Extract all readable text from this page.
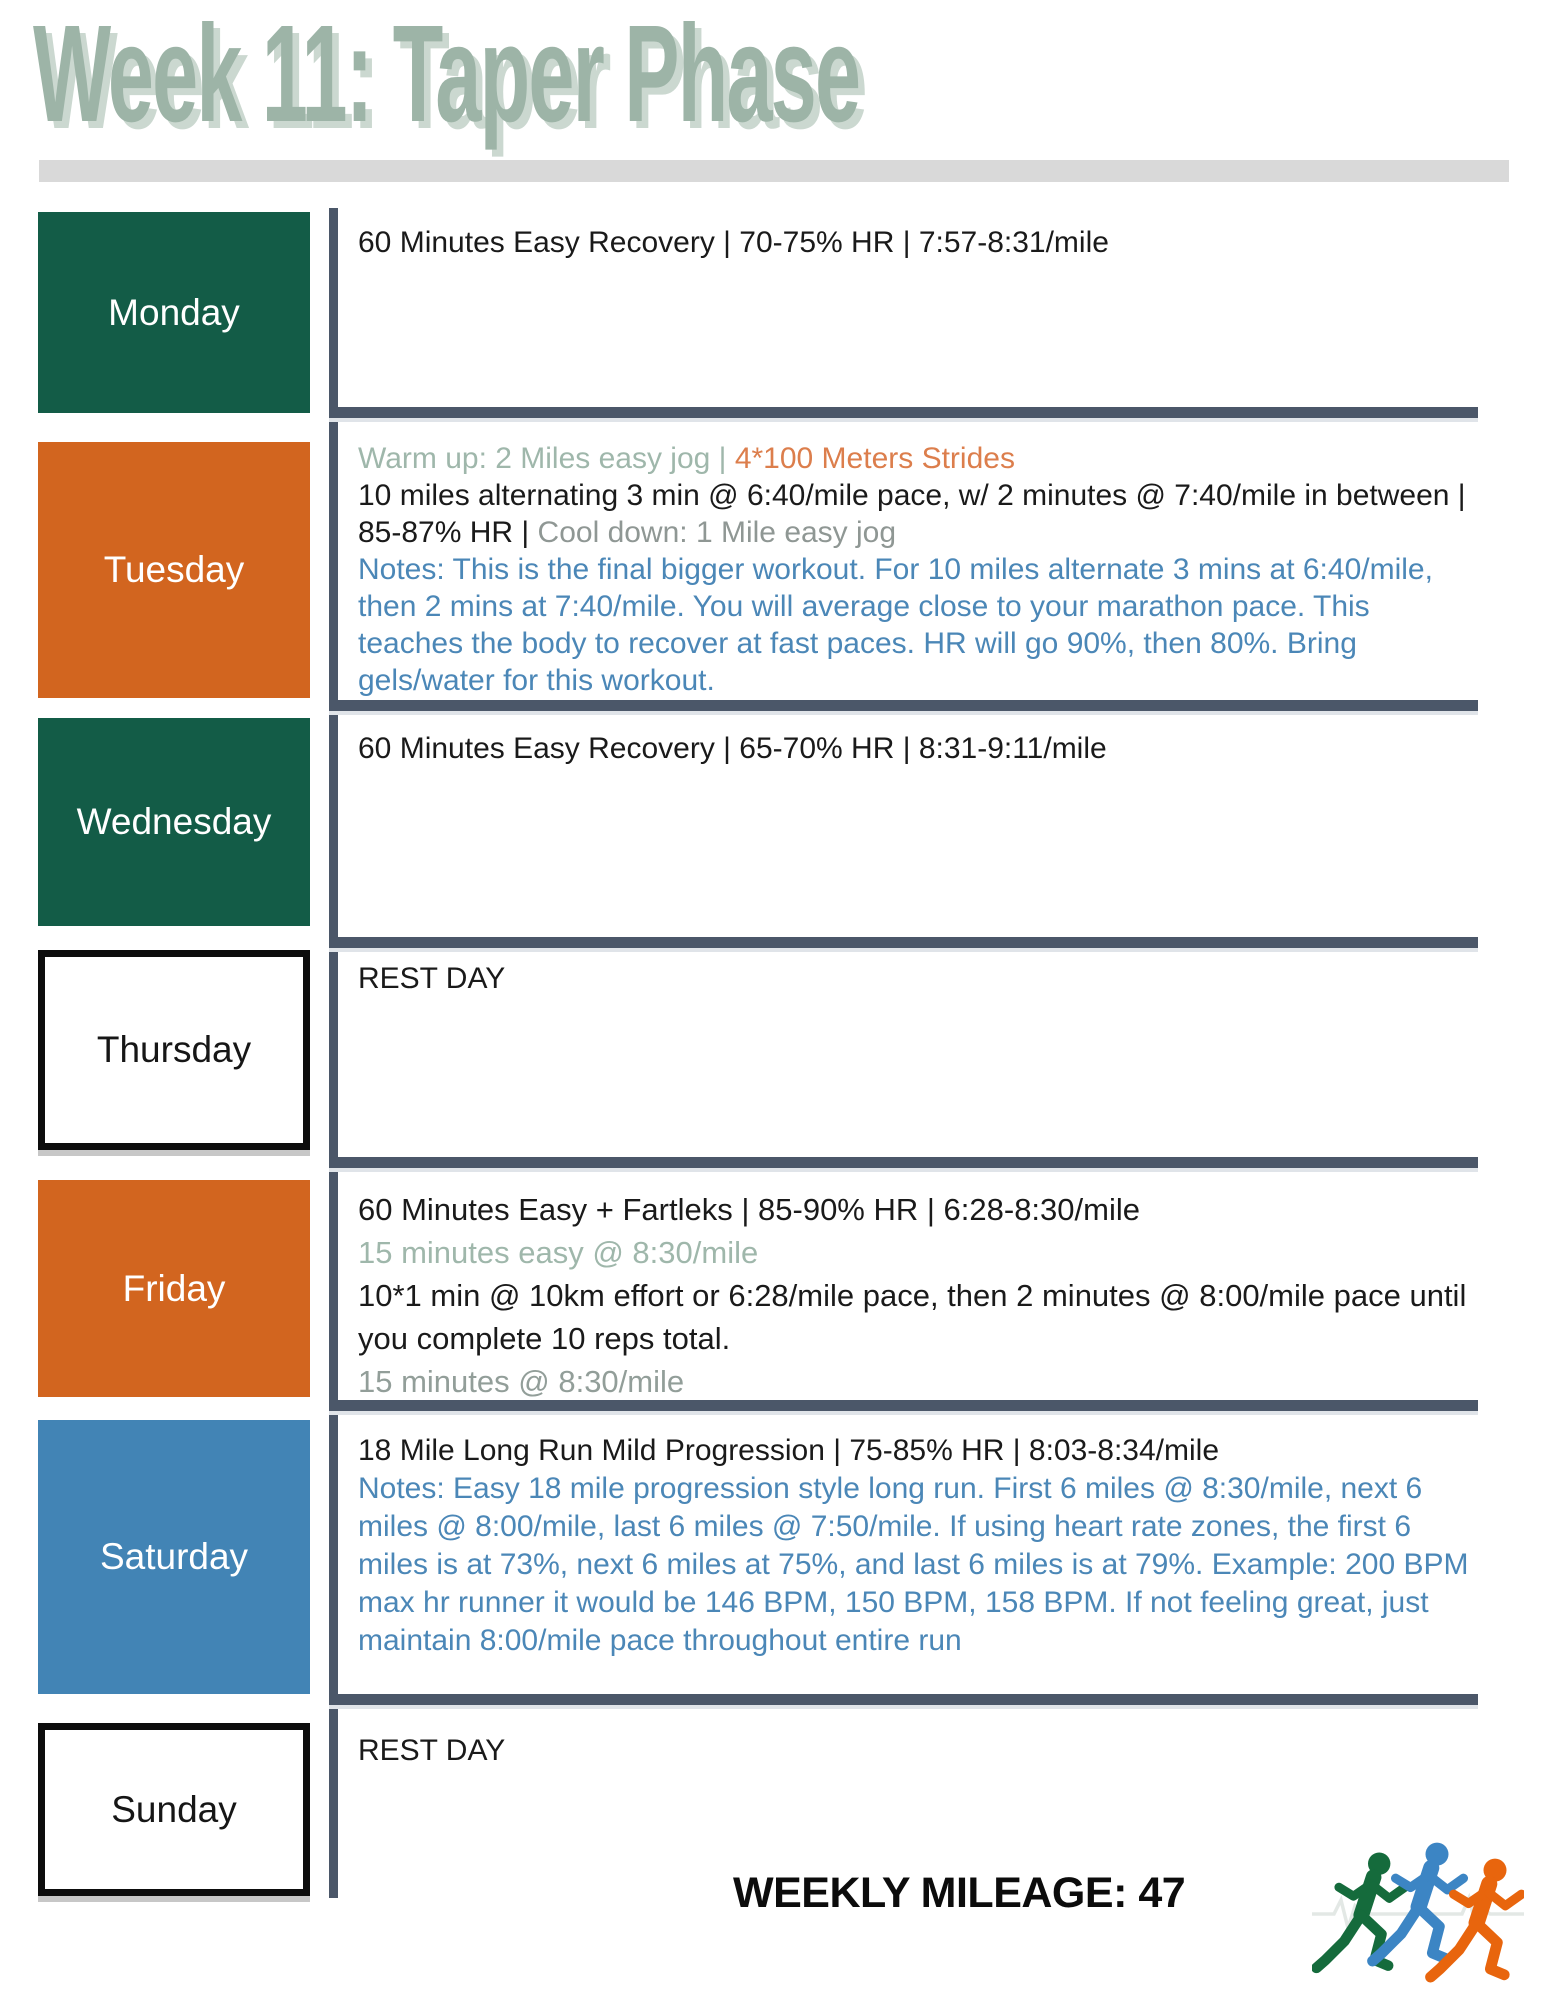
Week 11: Taper Phase
Monday

60 Minutes Easy Recovery | 70-75% HR | 7:57-8:31/mile

Tuesday

Warm up: 2 Miles easy jog | 4*100 Meters Strides

10 miles alternating 3 min @ 6:40/mile pace, w/ 2 minutes @ 7:40/mile in between | 85-87% HR | Cool down: 1 Mile easy jog

Notes: This is the final bigger workout. For 10 miles alternate 3 mins at 6:40/mile, then 2 mins at 7:40/mile. You will average close to your marathon pace. This teaches the body to recover at fast paces. HR will go 90%, then 80%. Bring gels/water for this workout.

Wednesday

60 Minutes Easy Recovery | 65-70% HR | 8:31-9:11/mile

Thursday

REST DAY

Friday

60 Minutes Easy + Fartleks | 85-90% HR | 6:28-8:30/mile

15 minutes easy @ 8:30/mile

10*1 min @ 10km effort or 6:28/mile pace, then 2 minutes @ 8:00/mile pace until you complete 10 reps total.

15 minutes @ 8:30/mile

Saturday

18 Mile Long Run Mild Progression | 75-85% HR | 8:03-8:34/mile

Notes: Easy 18 mile progression style long run. First 6 miles @ 8:30/mile, next 6 miles @ 8:00/mile, last 6 miles @ 7:50/mile. If using heart rate zones, the first 6 miles is at 73%, next 6 miles at 75%, and last 6 miles is at 79%. Example: 200 BPM max hr runner it would be 146 BPM, 150 BPM, 158 BPM. If not feeling great, just maintain 8:00/mile pace throughout entire run

Sunday

REST DAY

WEEKLY MILEAGE: 47
